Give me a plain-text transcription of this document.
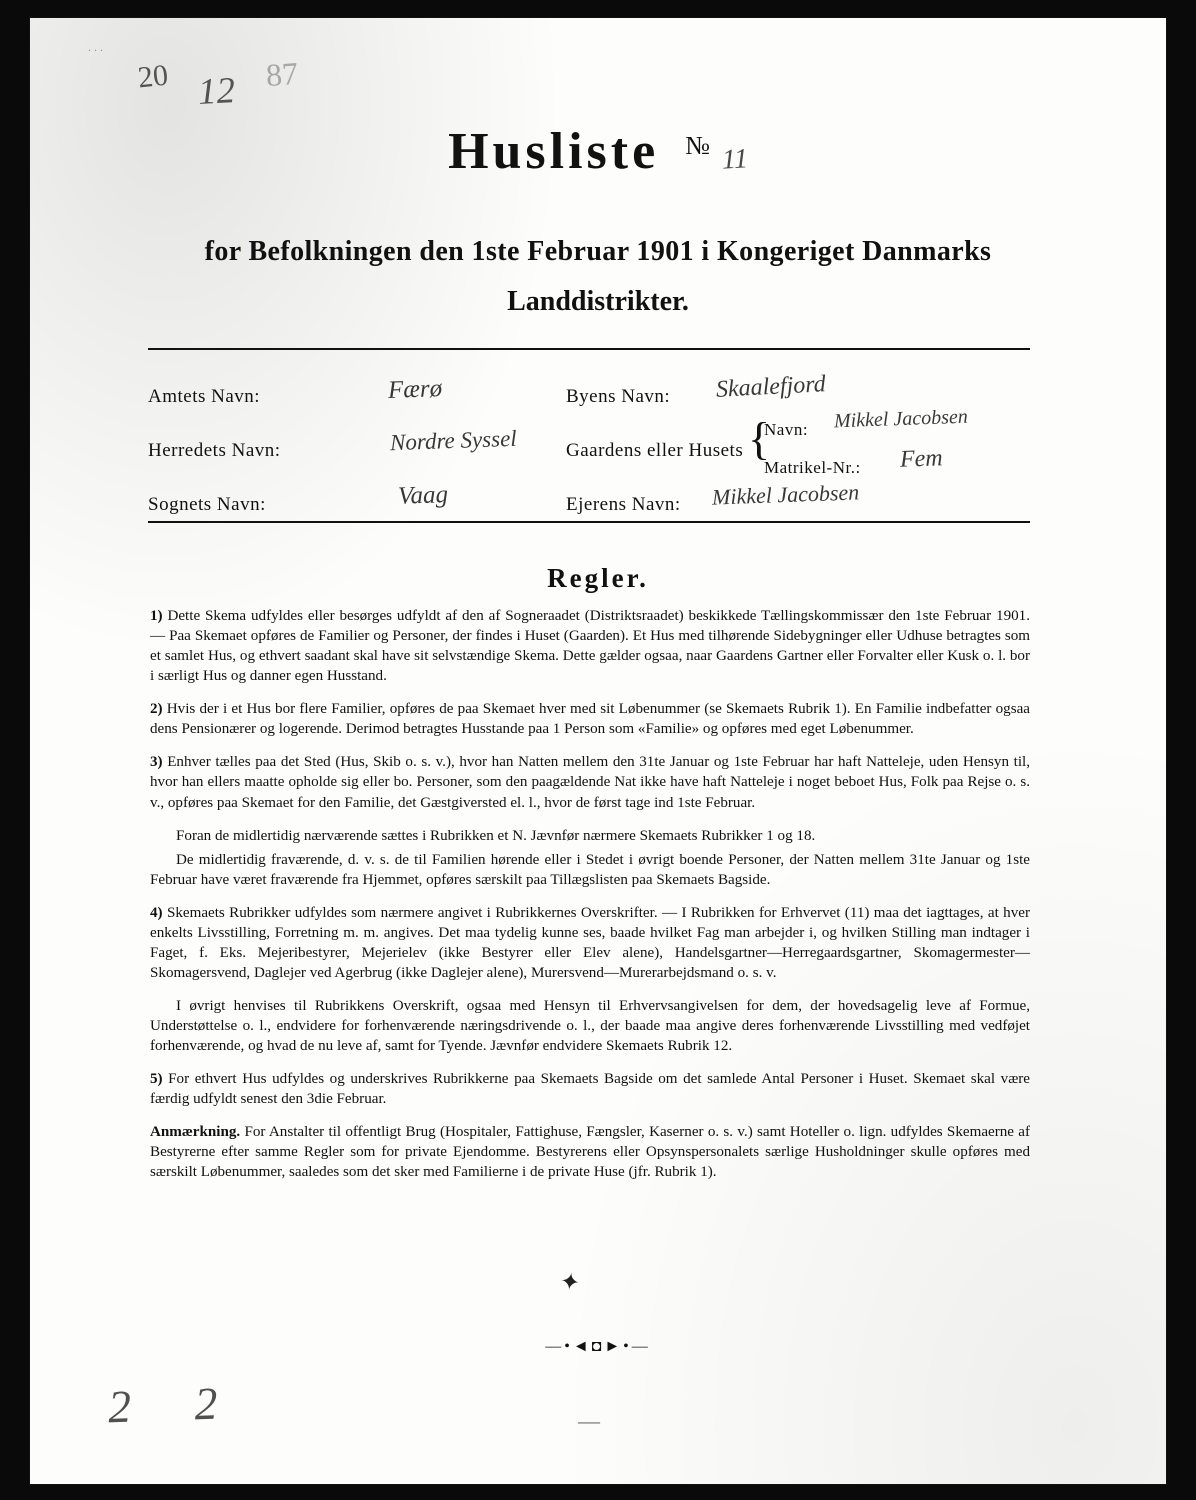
...
20 12 87
Husliste № 11
for Befolkningen den 1ste Februar 1901 i Kongeriget Danmarks
Landdistrikter.
Amtets Navn:	Færø
Herredets Navn:	Nordre Syssel
Sognets Navn:	Vaag
Byens Navn: Skaalefjord
Gaardens eller Husets {
Navn: Mikkel Jacobsen
Matrikel-Nr.: Fem
Ejerens Navn: Mikkel Jacobsen
Regler.

1) Dette Skema udfyldes eller besørges udfyldt af den af Sogneraadet (Distriktsraadet) beskikkede Tællingskommissær den 1ste Februar 1901. — Paa Skemaet opføres de Familier og Personer, der findes i Huset (Gaarden). Et Hus med tilhørende Sidebygninger eller Udhuse betragtes som et samlet Hus, og ethvert saadant skal have sit selvstændige Skema. Dette gælder ogsaa, naar Gaardens Gartner eller Forvalter eller Kusk o. l. bor i særligt Hus og danner egen Husstand.

2) Hvis der i et Hus bor flere Familier, opføres de paa Skemaet hver med sit Løbenummer (se Skemaets Rubrik 1). En Familie indbefatter ogsaa dens Pensionærer og logerende. Derimod betragtes Husstande paa 1 Person som «Familie» og opføres med eget Løbenummer.

3) Enhver tælles paa det Sted (Hus, Skib o. s. v.), hvor han Natten mellem den 31te Januar og 1ste Februar har haft Natteleje, uden Hensyn til, hvor han ellers maatte opholde sig eller bo. Personer, som den paagældende Nat ikke have haft Natteleje i noget beboet Hus, Folk paa Rejse o. s. v., opføres paa Skemaet for den Familie, det Gæstgiversted el. l., hvor de først tage ind 1ste Februar.

Foran de midlertidig nærværende sættes i Rubrikken et N. Jævnfør nærmere Skemaets Rubrikker 1 og 18.

De midlertidig fraværende, d. v. s. de til Familien hørende eller i Stedet i øvrigt boende Personer, der Natten mellem 31te Januar og 1ste Februar have været fraværende fra Hjemmet, opføres særskilt paa Tillægslisten paa Skemaets Bagside.

4) Skemaets Rubrikker udfyldes som nærmere angivet i Rubrikkernes Overskrifter. — I Rubrikken for Erhvervet (11) maa det iagttages, at hver enkelts Livsstilling, Forretning m. m. angives. Det maa tydelig kunne ses, baade hvilket Fag man arbejder i, og hvilken Stilling man indtager i Faget, f. Eks. Mejeribestyrer, Mejerielev (ikke Bestyrer eller Elev alene), Handelsgartner—Herregaardsgartner, Skomagermester—Skomagersvend, Daglejer ved Agerbrug (ikke Daglejer alene), Murersvend—Murerarbejdsmand o. s. v.

I øvrigt henvises til Rubrikkens Overskrift, ogsaa med Hensyn til Erhvervsangivelsen for dem, der hovedsagelig leve af Formue, Understøttelse o. l., endvidere for forhenværende næringsdrivende o. l., der baade maa angive deres forhenværende Livsstilling med vedføjet forhenværende, og hvad de nu leve af, samt for Tyende. Jævnfør endvidere Skemaets Rubrik 12.

5) For ethvert Hus udfyldes og underskrives Rubrikkerne paa Skemaets Bagside om det samlede Antal Personer i Huset. Skemaet skal være færdig udfyldt senest den 3die Februar.

Anmærkning. For Anstalter til offentligt Brug (Hospitaler, Fattighuse, Fængsler, Kaserner o. s. v.) samt Hoteller o. lign. udfyldes Skemaerne af Bestyrerne efter samme Regler som for private Ejendomme. Bestyrerens eller Opsynspersonalets særlige Husholdninger skulle opføres med særskilt Løbenummer, saaledes som det sker med Familierne i de private Huse (jfr. Rubrik 1).

✦
—•◄◘►•—
—
2 2
